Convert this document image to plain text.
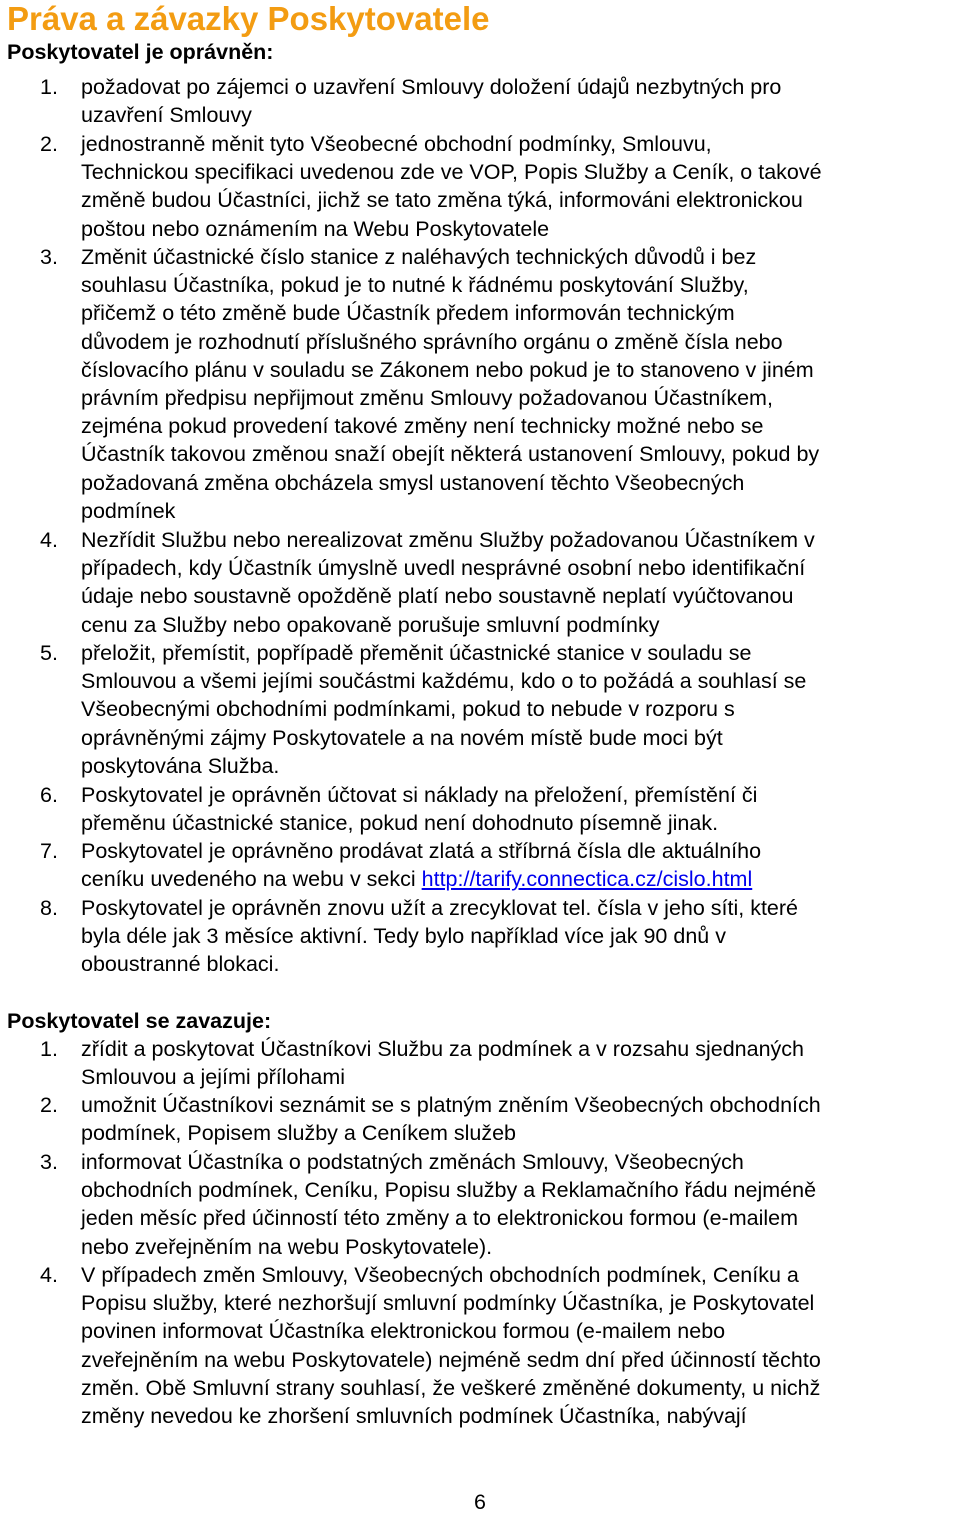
Práva a závazky Poskytovatele
Poskytovatel je oprávněn:
1. požadovat po zájemci o uzavření Smlouvy doložení údajů nezbytných pro
uzavření Smlouvy
2. jednostranně měnit tyto Všeobecné obchodní podmínky, Smlouvu,
Technickou specifikaci uvedenou zde ve VOP, Popis Služby a Ceník, o takové
změně budou Účastníci, jichž se tato změna týká, informováni elektronickou
poštou nebo oznámením na Webu Poskytovatele
3. Změnit účastnické číslo stanice z naléhavých technických důvodů i bez
souhlasu Účastníka, pokud je to nutné k řádnému poskytování Služby,
přičemž o této změně bude Účastník předem informován technickým
důvodem je rozhodnutí příslušného správního orgánu o změně čísla nebo
číslovacího plánu v souladu se Zákonem nebo pokud je to stanoveno v jiném
právním předpisu nepřijmout změnu Smlouvy požadovanou Účastníkem,
zejména pokud provedení takové změny není technicky možné nebo se
Účastník takovou změnou snaží obejít některá ustanovení Smlouvy, pokud by
požadovaná změna obcházela smysl ustanovení těchto Všeobecných
podmínek
4. Nezřídit Službu nebo nerealizovat změnu Služby požadovanou Účastníkem v
případech, kdy Účastník úmyslně uvedl nesprávné osobní nebo identifikační
údaje nebo soustavně opožděně platí nebo soustavně neplatí vyúčtovanou
cenu za Služby nebo opakovaně porušuje smluvní podmínky
5. přeložit, přemístit, popřípadě přeměnit účastnické stanice v souladu se
Smlouvou a všemi jejími součástmi každému, kdo o to požádá a souhlasí se
Všeobecnými obchodními podmínkami, pokud to nebude v rozporu s
oprávněnými zájmy Poskytovatele a na novém místě bude moci být
poskytována Služba.
6. Poskytovatel je oprávněn účtovat si náklady na přeložení, přemístění či
přeměnu účastnické stanice, pokud není dohodnuto písemně jinak.
7. Poskytovatel je oprávněno prodávat zlatá a stříbrná čísla dle aktuálního
ceníku uvedeného na webu v sekci http://tarify.connectica.cz/cislo.html
8. Poskytovatel je oprávněn znovu užít a zrecyklovat tel. čísla v jeho síti, které
byla déle jak 3 měsíce aktivní. Tedy bylo například více jak 90 dnů v
oboustranné blokaci.
Poskytovatel se zavazuje:
1. zřídit a poskytovat Účastníkovi Službu za podmínek a v rozsahu sjednaných
Smlouvou a jejími přílohami
2. umožnit Účastníkovi seznámit se s platným zněním Všeobecných obchodních
podmínek, Popisem služby a Ceníkem služeb
3. informovat Účastníka o podstatných změnách Smlouvy, Všeobecných
obchodních podmínek, Ceníku, Popisu služby a Reklamačního řádu nejméně
jeden měsíc před účinností této změny a to elektronickou formou (e-mailem
nebo zveřejněním na webu Poskytovatele).
4. V případech změn Smlouvy, Všeobecných obchodních podmínek, Ceníku a
Popisu služby, které nezhoršují smluvní podmínky Účastníka, je Poskytovatel
povinen informovat Účastníka elektronickou formou (e-mailem nebo
zveřejněním na webu Poskytovatele) nejméně sedm dní před účinností těchto
změn. Obě Smluvní strany souhlasí, že veškeré změněné dokumenty, u nichž
změny nevedou ke zhoršení smluvních podmínek Účastníka, nabývají
6
